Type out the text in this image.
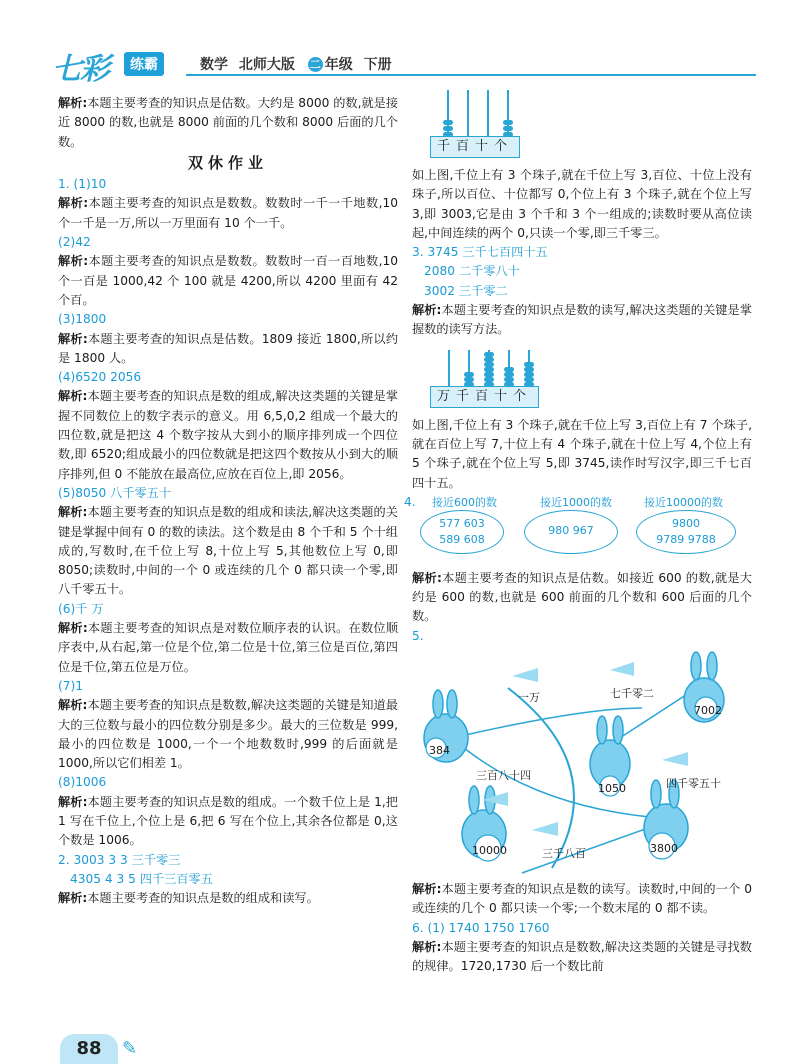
七彩	练霸	数学 北师大版 二 年级 下册

解析:本题主要考查的知识点是估数。大约是 8000 的数,就是接近 8000 的数,也就是 8000 前面的几个数和 8000 后面的几个数。

双休作业
1. (1)10

解析:本题主要考查的知识点是数数。数数时一千一千地数,10 个一千是一万,所以一万里面有 10 个一千。

(2)42

解析:本题主要考查的知识点是数数。数数时一百一百地数,10 个一百是 1000,42 个 100 就是 4200,所以 4200 里面有 42 个百。

(3)1800

解析:本题主要考查的知识点是估数。1809 接近 1800,所以约是 1800 人。

(4)6520 2056

解析:本题主要考查的知识点是数的组成,解决这类题的关键是掌握不同数位上的数字表示的意义。用 6,5,0,2 组成一个最大的四位数,就是把这 4 个数字按从大到小的顺序排列成一个四位数,即 6520;组成最小的四位数就是把这四个数按从小到大的顺序排列,但 0 不能放在最高位,应放在百位上,即 2056。

(5)8050 八千零五十

解析:本题主要考查的知识点是数的组成和读法,解决这类题的关键是掌握中间有 0 的数的读法。这个数是由 8 个千和 5 个十组成的,写数时,在千位上写 8,十位上写 5,其他数位上写 0,即 8050;读数时,中间的一个 0 或连续的几个 0 都只读一个零,即八千零五十。

(6)千 万

解析:本题主要考查的知识点是对数位顺序表的认识。在数位顺序表中,从右起,第一位是个位,第二位是十位,第三位是百位,第四位是千位,第五位是万位。

(7)1

解析:本题主要考查的知识点是数数,解决这类题的关键是知道最大的三位数与最小的四位数分别是多少。最大的三位数是 999,最小的四位数是 1000,一个一个地数数时,999 的后面就是 1000,所以它们相差 1。

(8)1006

解析:本题主要考查的知识点是数的组成。一个数千位上是 1,把 1 写在千位上,个位上是 6,把 6 写在个位上,其余各位都是 0,这个数是 1006。

2. 3003 3 3 三千零三
4305 4 3 5 四千三百零五

解析:本题主要考查的知识点是数的组成和读写。

千百十个

如上图,千位上有 3 个珠子,就在千位上写 3,百位、十位上没有珠子,所以百位、十位都写 0,个位上有 3 个珠子,就在个位上写 3,即 3003,它是由 3 个千和 3 个一组成的;读数时要从高位读起,中间连续的两个 0,只读一个零,即三千零三。

3. 3745 三千七百四十五
2080 二千零八十
3002 三千零二

解析:本题主要考查的知识点是数的读写,解决这类题的关键是掌握数的读写方法。

万千百十个

如上图,千位上有 3 个珠子,就在千位上写 3,百位上有 7 个珠子,就在百位上写 7,十位上有 4 个珠子,就在十位上写 4,个位上有 5 个珠子,就在个位上写 5,即 3745,读作时写汉字,即三千七百四十五。

4. 接近600的数
577 603
589 608
接近1000的数
980 967
接近10000的数
9800
9789 9788

解析:本题主要考查的知识点是估数。如接近 600 的数,就是大约是 600 的数,也就是 600 前面的几个数和 600 后面的几个数。

5.
384
1050
7002
10000	3800
一万	七千零二
三百八十四
四千零五十
三千八百

解析:本题主要考查的知识点是数的读写。读数时,中间的一个 0 或连续的几个 0 都只读一个零;一个数末尾的 0 都不读。

6. (1) 1740 1750 1760

解析:本题主要考查的知识点是数数,解决这类题的关键是寻找数的规律。1720,1730 后一个数比前

88	✎
